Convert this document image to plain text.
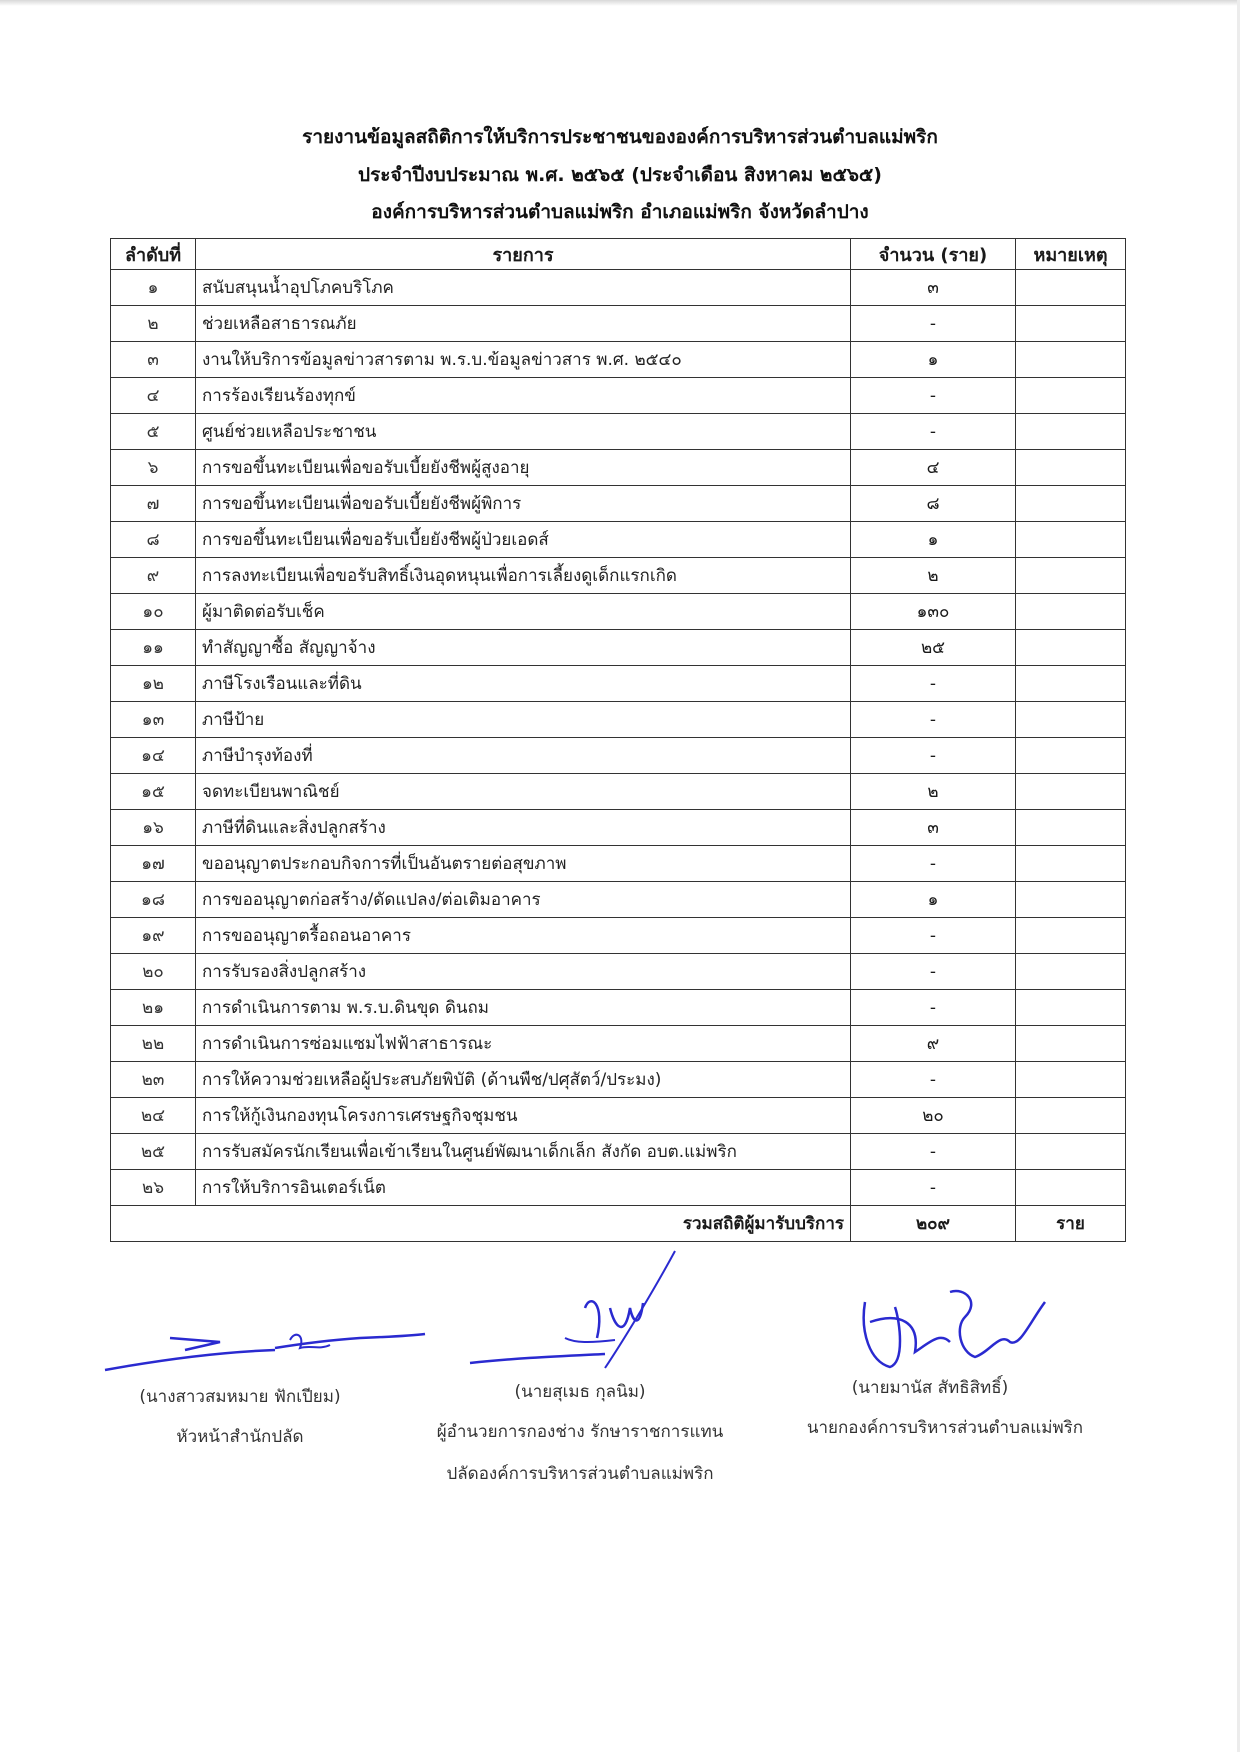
รายงานข้อมูลสถิติการให้บริการประชาชนขององค์การบริหารส่วนตำบลแม่พริก
ประจำปีงบประมาณ พ.ศ. ๒๕๖๕ (ประจำเดือน สิงหาคม ๒๕๖๕)
องค์การบริหารส่วนตำบลแม่พริก อำเภอแม่พริก จังหวัดลำปาง
ลำดับที่	รายการ	จำนวน (ราย)	หมายเหตุ
๑	สนับสนุนน้ำอุปโภคบริโภค	๓	
๒	ช่วยเหลือสาธารณภัย	-	
๓	งานให้บริการข้อมูลข่าวสารตาม พ.ร.บ.ข้อมูลข่าวสาร พ.ศ. ๒๕๔๐	๑	
๔	การร้องเรียนร้องทุกข์	-	
๕	ศูนย์ช่วยเหลือประชาชน	-	
๖	การขอขึ้นทะเบียนเพื่อขอรับเบี้ยยังชีพผู้สูงอายุ	๔	
๗	การขอขึ้นทะเบียนเพื่อขอรับเบี้ยยังชีพผู้พิการ	๘	
๘	การขอขึ้นทะเบียนเพื่อขอรับเบี้ยยังชีพผู้ป่วยเอดส์	๑	
๙	การลงทะเบียนเพื่อขอรับสิทธิ์เงินอุดหนุนเพื่อการเลี้ยงดูเด็กแรกเกิด	๒	
๑๐	ผู้มาติดต่อรับเช็ค	๑๓๐	
๑๑	ทำสัญญาซื้อ สัญญาจ้าง	๒๕	
๑๒	ภาษีโรงเรือนและที่ดิน	-	
๑๓	ภาษีป้าย	-	
๑๔	ภาษีบำรุงท้องที่	-	
๑๕	จดทะเบียนพาณิชย์	๒	
๑๖	ภาษีที่ดินและสิ่งปลูกสร้าง	๓	
๑๗	ขออนุญาตประกอบกิจการที่เป็นอันตรายต่อสุขภาพ	-	
๑๘	การขออนุญาตก่อสร้าง/ดัดแปลง/ต่อเติมอาคาร	๑	
๑๙	การขออนุญาตรื้อถอนอาคาร	-	
๒๐	การรับรองสิ่งปลูกสร้าง	-	
๒๑	การดำเนินการตาม พ.ร.บ.ดินขุด ดินถม	-	
๒๒	การดำเนินการซ่อมแซมไฟฟ้าสาธารณะ	๙	
๒๓	การให้ความช่วยเหลือผู้ประสบภัยพิบัติ (ด้านพืช/ปศุสัตว์/ประมง)	-	
๒๔	การให้กู้เงินกองทุนโครงการเศรษฐกิจชุมชน	๒๐	
๒๕	การรับสมัครนักเรียนเพื่อเข้าเรียนในศูนย์พัฒนาเด็กเล็ก สังกัด อบต.แม่พริก	-	
๒๖	การให้บริการอินเตอร์เน็ต	-	
รวมสถิติผู้มารับบริการ		๒๐๙	ราย
(นางสาวสมหมาย ฟักเปียม)
หัวหน้าสำนักปลัด
(นายสุเมธ กุลนิม)
ผู้อำนวยการกองช่าง รักษาราชการแทน
ปลัดองค์การบริหารส่วนตำบลแม่พริก
(นายมานัส สัทธิสิทธิ์)
นายกองค์การบริหารส่วนตำบลแม่พริก
